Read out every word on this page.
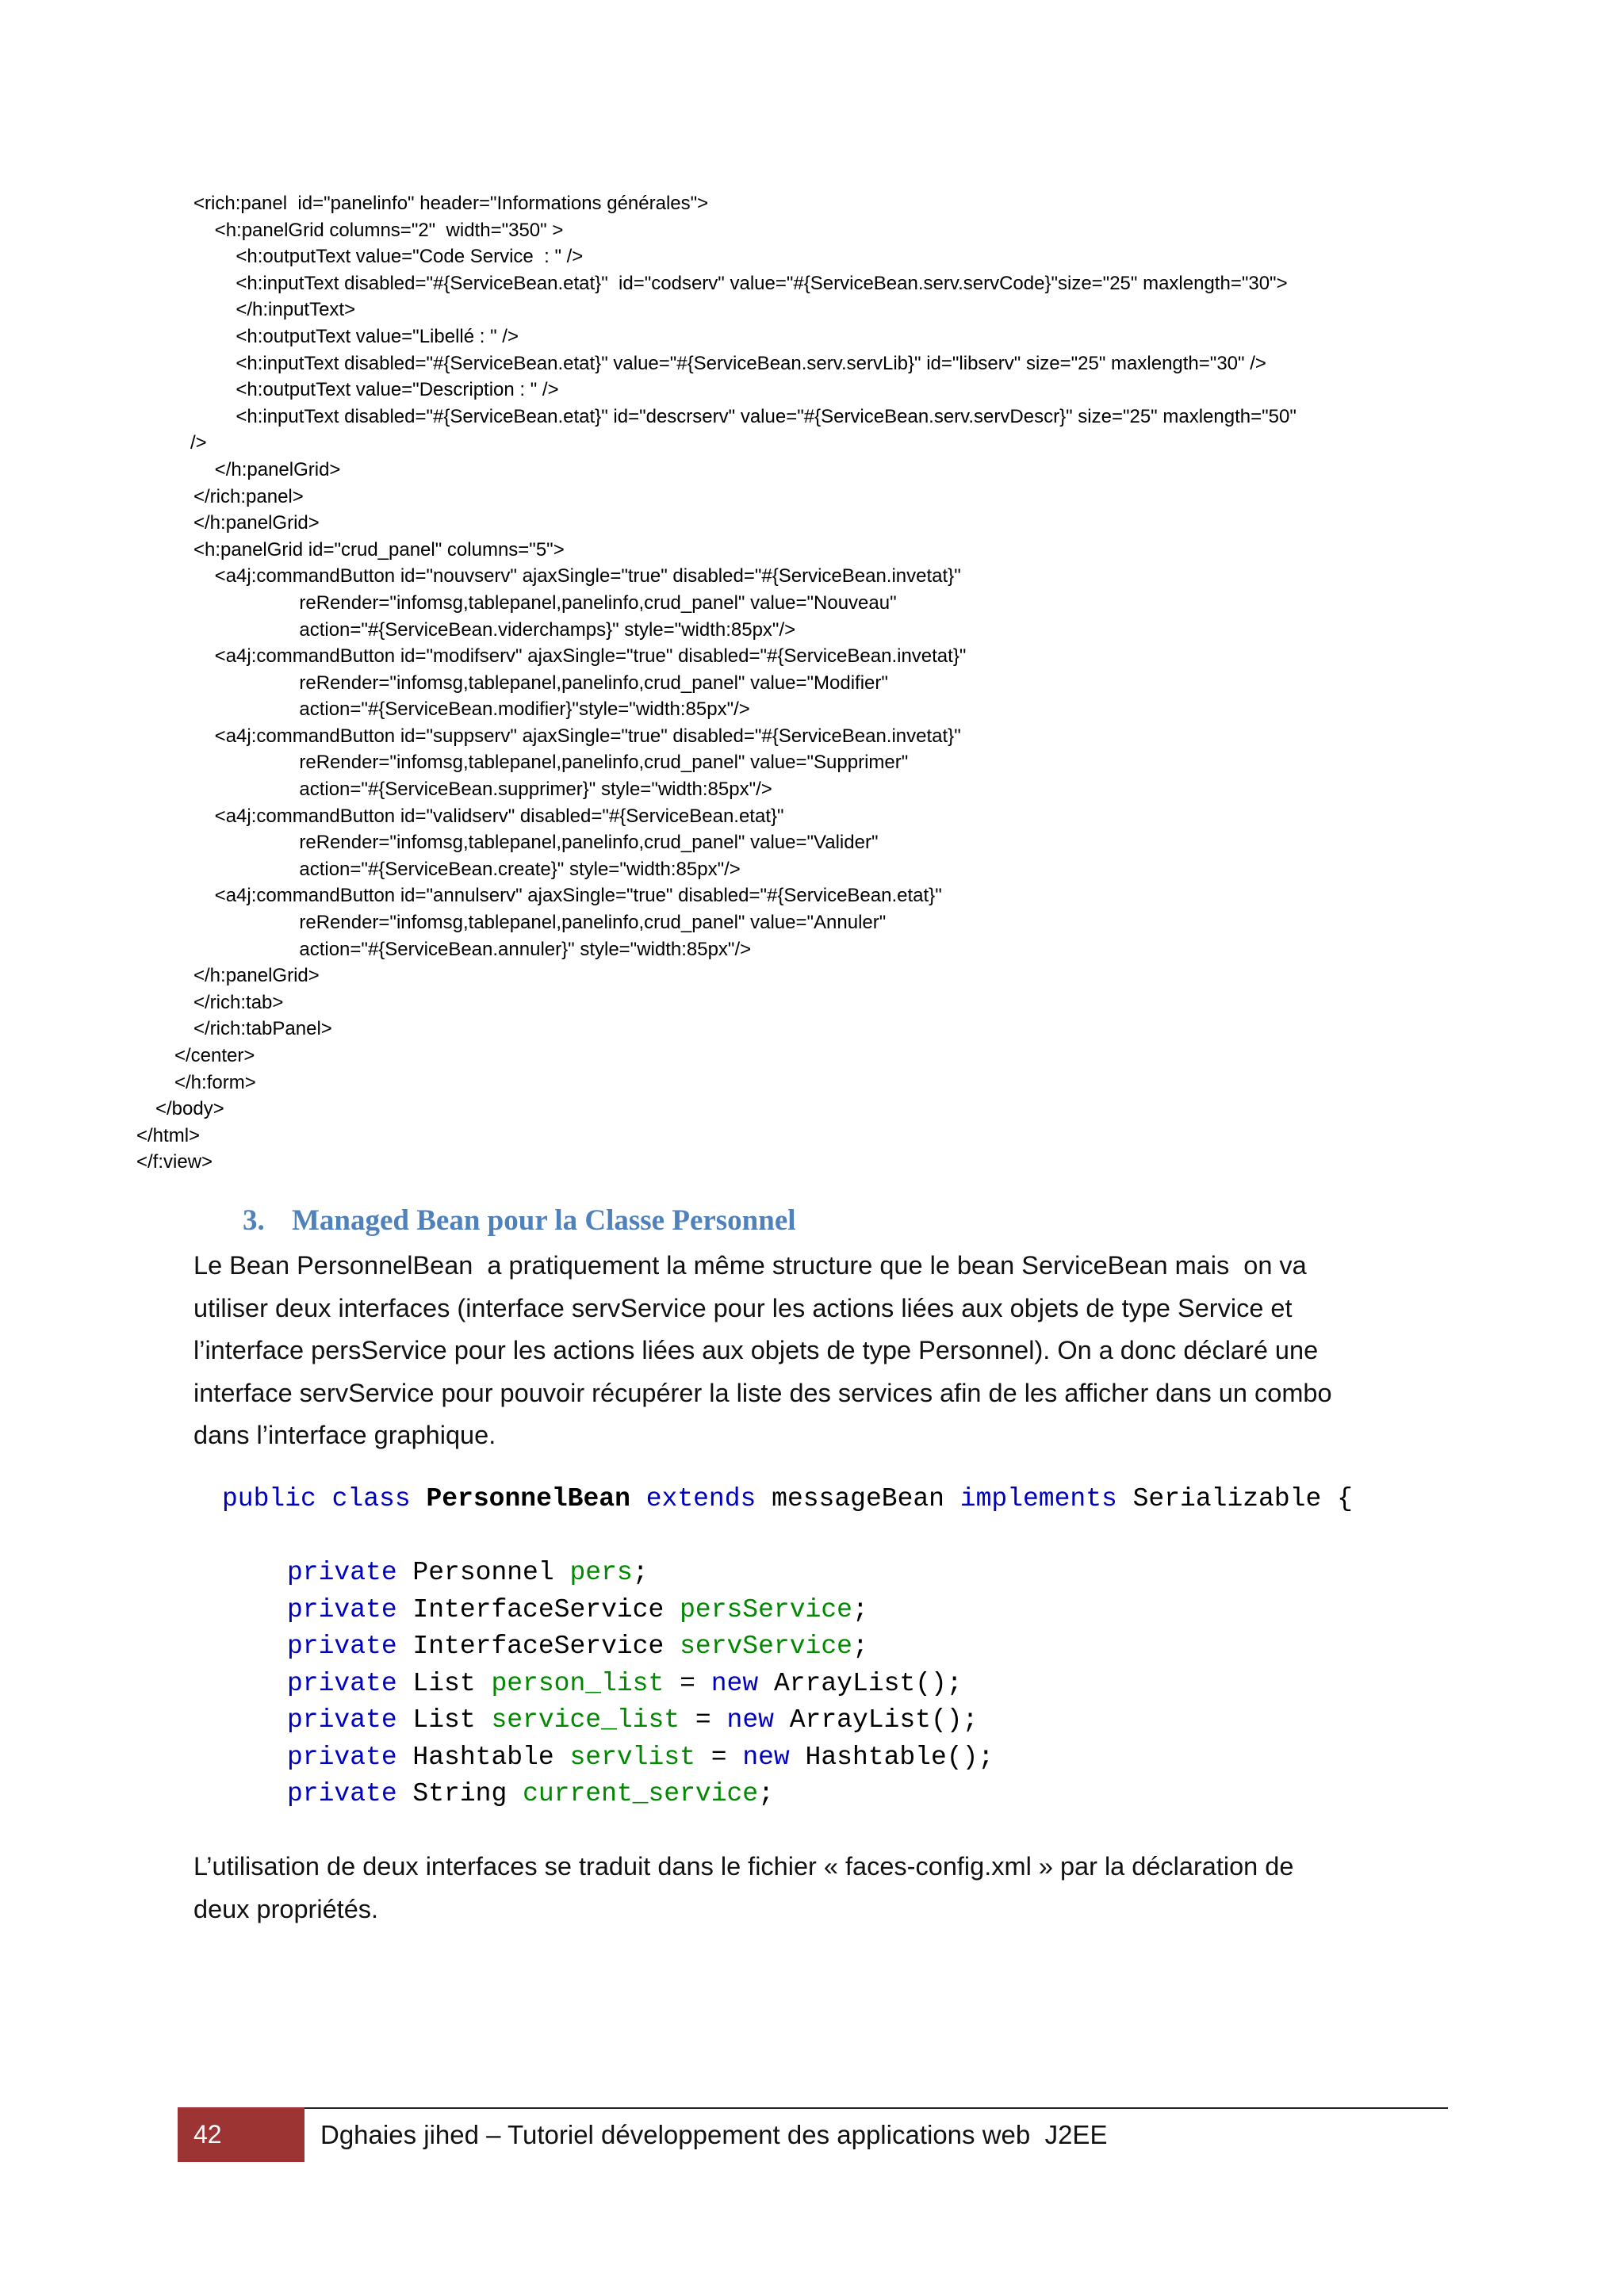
<rich:panel  id="panelinfo" header="Informations générales">
<h:panelGrid columns="2"  width="350" >
<h:outputText value="Code Service  : " />
<h:inputText disabled="#{ServiceBean.etat}"  id="codserv" value="#{ServiceBean.serv.servCode}"size="25" maxlength="30">
</h:inputText>
<h:outputText value="Libellé : " />
<h:inputText disabled="#{ServiceBean.etat}" value="#{ServiceBean.serv.servLib}" id="libserv" size="25" maxlength="30" />
<h:outputText value="Description : " />
<h:inputText disabled="#{ServiceBean.etat}" id="descrserv" value="#{ServiceBean.serv.servDescr}" size="25" maxlength="50"
/>
</h:panelGrid>
</rich:panel>
</h:panelGrid>
<h:panelGrid id="crud_panel" columns="5">
<a4j:commandButton id="nouvserv" ajaxSingle="true" disabled="#{ServiceBean.invetat}"
reRender="infomsg,tablepanel,panelinfo,crud_panel" value="Nouveau"
action="#{ServiceBean.viderchamps}" style="width:85px"/>
<a4j:commandButton id="modifserv" ajaxSingle="true" disabled="#{ServiceBean.invetat}"
reRender="infomsg,tablepanel,panelinfo,crud_panel" value="Modifier"
action="#{ServiceBean.modifier}"style="width:85px"/>
<a4j:commandButton id="suppserv" ajaxSingle="true" disabled="#{ServiceBean.invetat}"
reRender="infomsg,tablepanel,panelinfo,crud_panel" value="Supprimer"
action="#{ServiceBean.supprimer}" style="width:85px"/>
<a4j:commandButton id="validserv" disabled="#{ServiceBean.etat}"
reRender="infomsg,tablepanel,panelinfo,crud_panel" value="Valider"
action="#{ServiceBean.create}" style="width:85px"/>
<a4j:commandButton id="annulserv" ajaxSingle="true" disabled="#{ServiceBean.etat}"
reRender="infomsg,tablepanel,panelinfo,crud_panel" value="Annuler"
action="#{ServiceBean.annuler}" style="width:85px"/>
</h:panelGrid>
</rich:tab>
</rich:tabPanel>
</center>
</h:form>
</body>
</html>
</f:view>
3. Managed Bean pour la Classe Personnel
Le Bean PersonnelBean  a pratiquement la même structure que le bean ServiceBean mais  on va
utiliser deux interfaces (interface servService pour les actions liées aux objets de type Service et
l’interface persService pour les actions liées aux objets de type Personnel). On a donc déclaré une
interface servService pour pouvoir récupérer la liste des services afin de les afficher dans un combo
dans l’interface graphique.
public class PersonnelBean extends messageBean implements Serializable {
private Personnel pers;
private InterfaceService persService;
private InterfaceService servService;
private List person_list = new ArrayList();
private List service_list = new ArrayList();
private Hashtable servlist = new Hashtable();
private String current_service;
L’utilisation de deux interfaces se traduit dans le fichier « faces-config.xml » par la déclaration de
deux propriétés.
42	Dghaies jihed – Tutoriel développement des applications web  J2EE
